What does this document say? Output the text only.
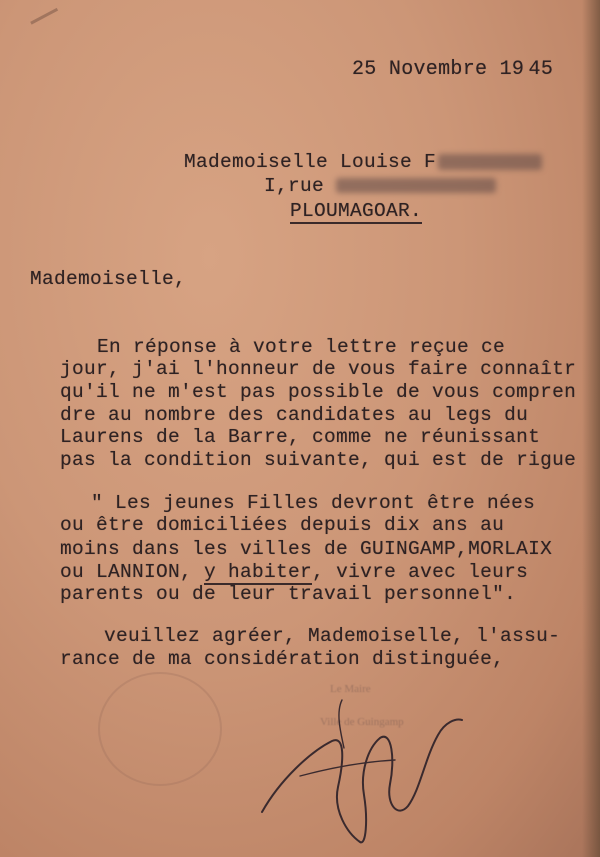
25 Novembre 19 45
Mademoiselle Louise F
I,rue
PLOUMAGOAR.
Mademoiselle,
En réponse à votre lettre reçue ce
jour, j'ai l'honneur de vous faire connaîtr
qu'il ne m'est pas possible de vous compren
dre au nombre des candidates au legs du
Laurens de la Barre, comme ne réunissant
pas la condition suivante, qui est de rigue
" Les jeunes Filles devront être nées
ou être domiciliées depuis dix ans au
moins dans les villes de GUINGAMP,MORLAIX
ou LANNION, y habiter, vivre avec leurs
parents ou de leur travail personnel".
veuillez agréer, Mademoiselle, l'assu-
rance de ma considération distinguée,
Le Maire
Ville de Guingamp
